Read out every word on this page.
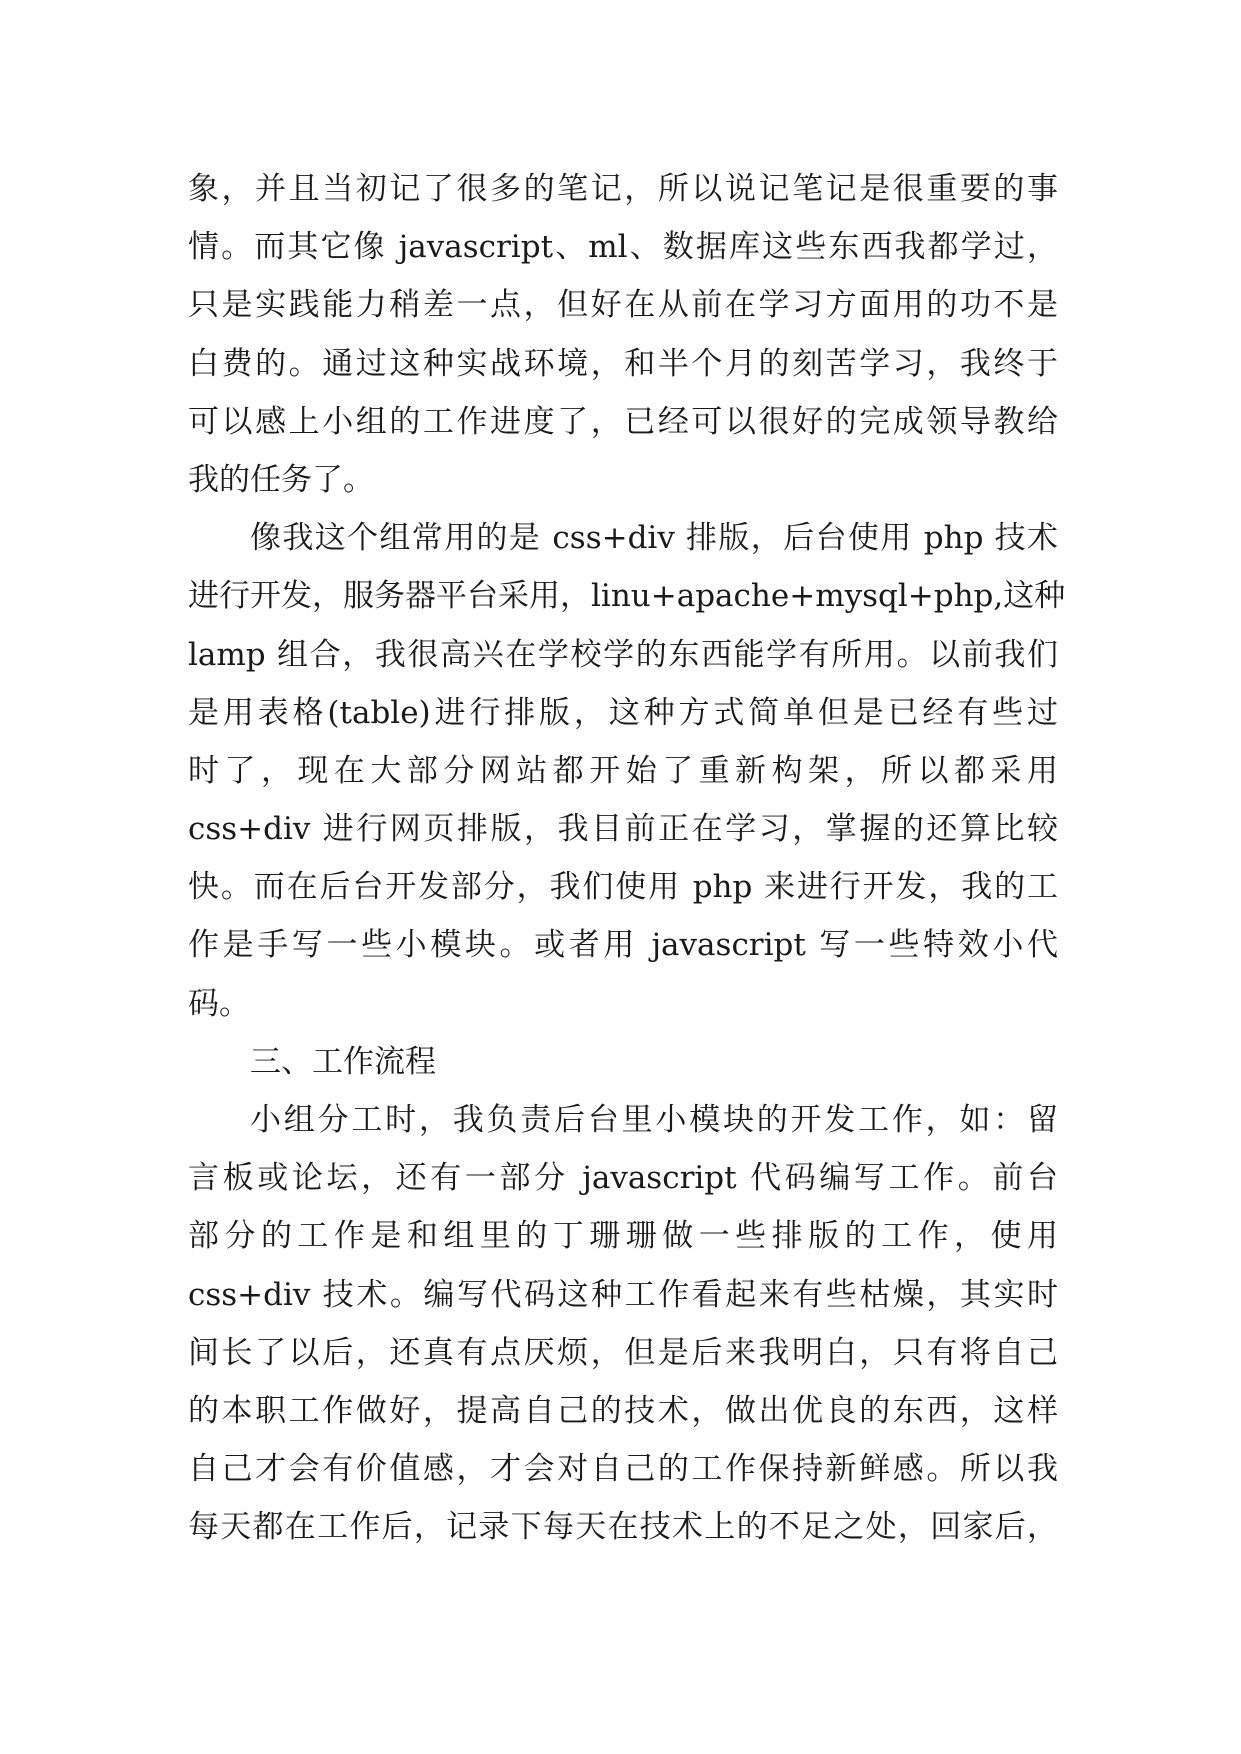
象，并且当初记了很多的笔记，所以说记笔记是很重要的事
情。而其它像 javascript、ml、数据库这些东西我都学过，
只是实践能力稍差一点，但好在从前在学习方面用的功不是
白费的。通过这种实战环境，和半个月的刻苦学习，我终于
可以感上小组的工作进度了，已经可以很好的完成领导教给
我的任务了。
像我这个组常用的是 css+div 排版，后台使用 php 技术
进行开发，服务器平台采用，linu+apache+mysql+php,这种
lamp 组合，我很高兴在学校学的东西能学有所用。以前我们
是用表格(table)进行排版，这种方式简单但是已经有些过
时了，现在大部分网站都开始了重新构架，所以都采用
css+div 进行网页排版，我目前正在学习，掌握的还算比较
快。而在后台开发部分，我们使用 php 来进行开发，我的工
作是手写一些小模块。或者用 javascript 写一些特效小代
码。
三、工作流程
小组分工时，我负责后台里小模块的开发工作，如：留
言板或论坛，还有一部分 javascript 代码编写工作。前台
部分的工作是和组里的丁珊珊做一些排版的工作，使用
css+div 技术。编写代码这种工作看起来有些枯燥，其实时
间长了以后，还真有点厌烦，但是后来我明白，只有将自己
的本职工作做好，提高自己的技术，做出优良的东西，这样
自己才会有价值感，才会对自己的工作保持新鲜感。所以我
每天都在工作后，记录下每天在技术上的不足之处，回家后，
